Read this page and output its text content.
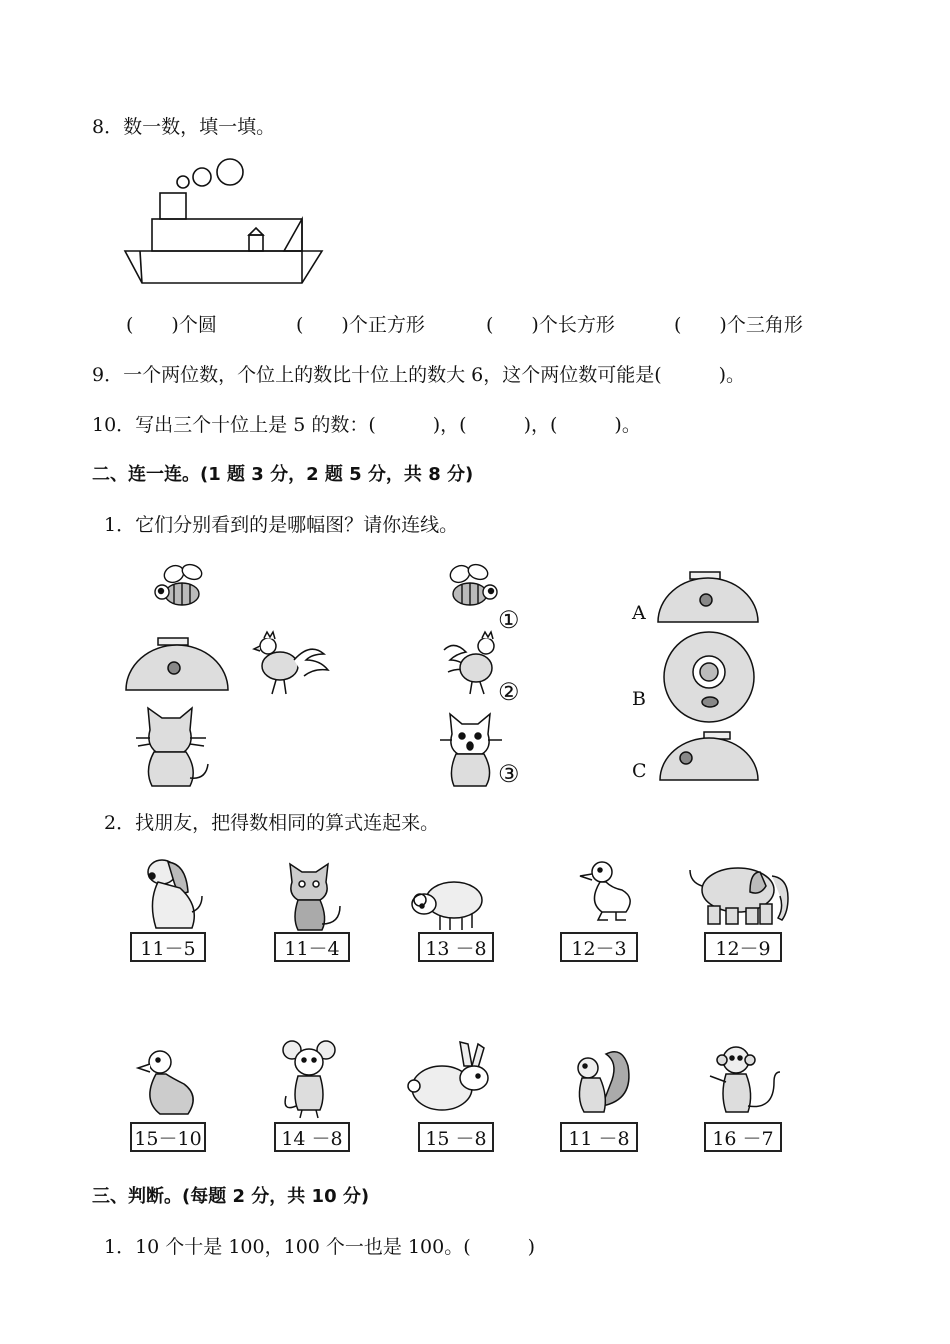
8．数一数，填一填。
(　　)个圆	(　　)个正方形	(　　)个长方形	(　　)个三角形
9．一个两位数，个位上的数比十位上的数大 6，这个两位数可能是(　　　)。
10．写出三个十位上是 5 的数：(　　　)，(　　　)，(　　　)。
二、连一连。(1 题 3 分，2 题 5 分，共 8 分)
1．它们分别看到的是哪幅图？请你连线。
①
②
③
A
B
C
2．找朋友，把得数相同的算式连起来。
11－5	11－4	13 －8	12－3	12－9
15－10	14 －8	15 －8	11 －8	16 －7
三、判断。(每题 2 分，共 10 分)
1．10 个十是 100，100 个一也是 100。(　　　)
